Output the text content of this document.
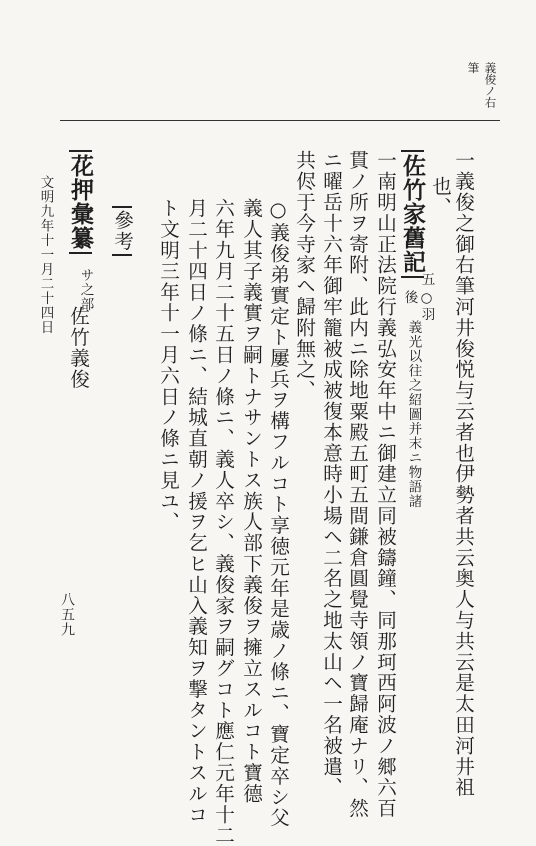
義俊ノ右
筆
一義俊之御右筆河井俊悦与云者也伊勢者共云奥人与共云是太田河井祖
也、
佐竹家舊記
五
○羽
後
義光以往之紹圖并末ニ物語諸
一南明山正法院行義弘安年中ニ御建立同被鑄鐘、同那珂西阿波ノ郷六百
貫ノ所ヲ寄附、此内ニ除地粟殿五町五間鎌倉圓覺寺領ノ寶歸庵ナリ、然
ニ曜岳十六年御牢籠被成被復本意時小場ヘ二名之地太山ヘ一名被遣、
共侭于今寺家ヘ歸附無之、
○義俊弟實定ト屢兵ヲ構フルコト享徳元年是歳ノ條ニ、寶定卒シ父
義人其子義實ヲ嗣トナサントス族人部下義俊ヲ擁立スルコト寶德
六年九月二十五日ノ條ニ、義人卒シ、義俊家ヲ嗣グコト應仁元年十二
月二十四日ノ條ニ、結城直朝ノ援ヲ乞ヒ山入義知ヲ撃タントスルコ
ト文明三年十一月六日ノ條ニ見ユ、
參考
花押彙纂
サ之部
佐竹義俊
文明九年十一月二十四日
八五九
